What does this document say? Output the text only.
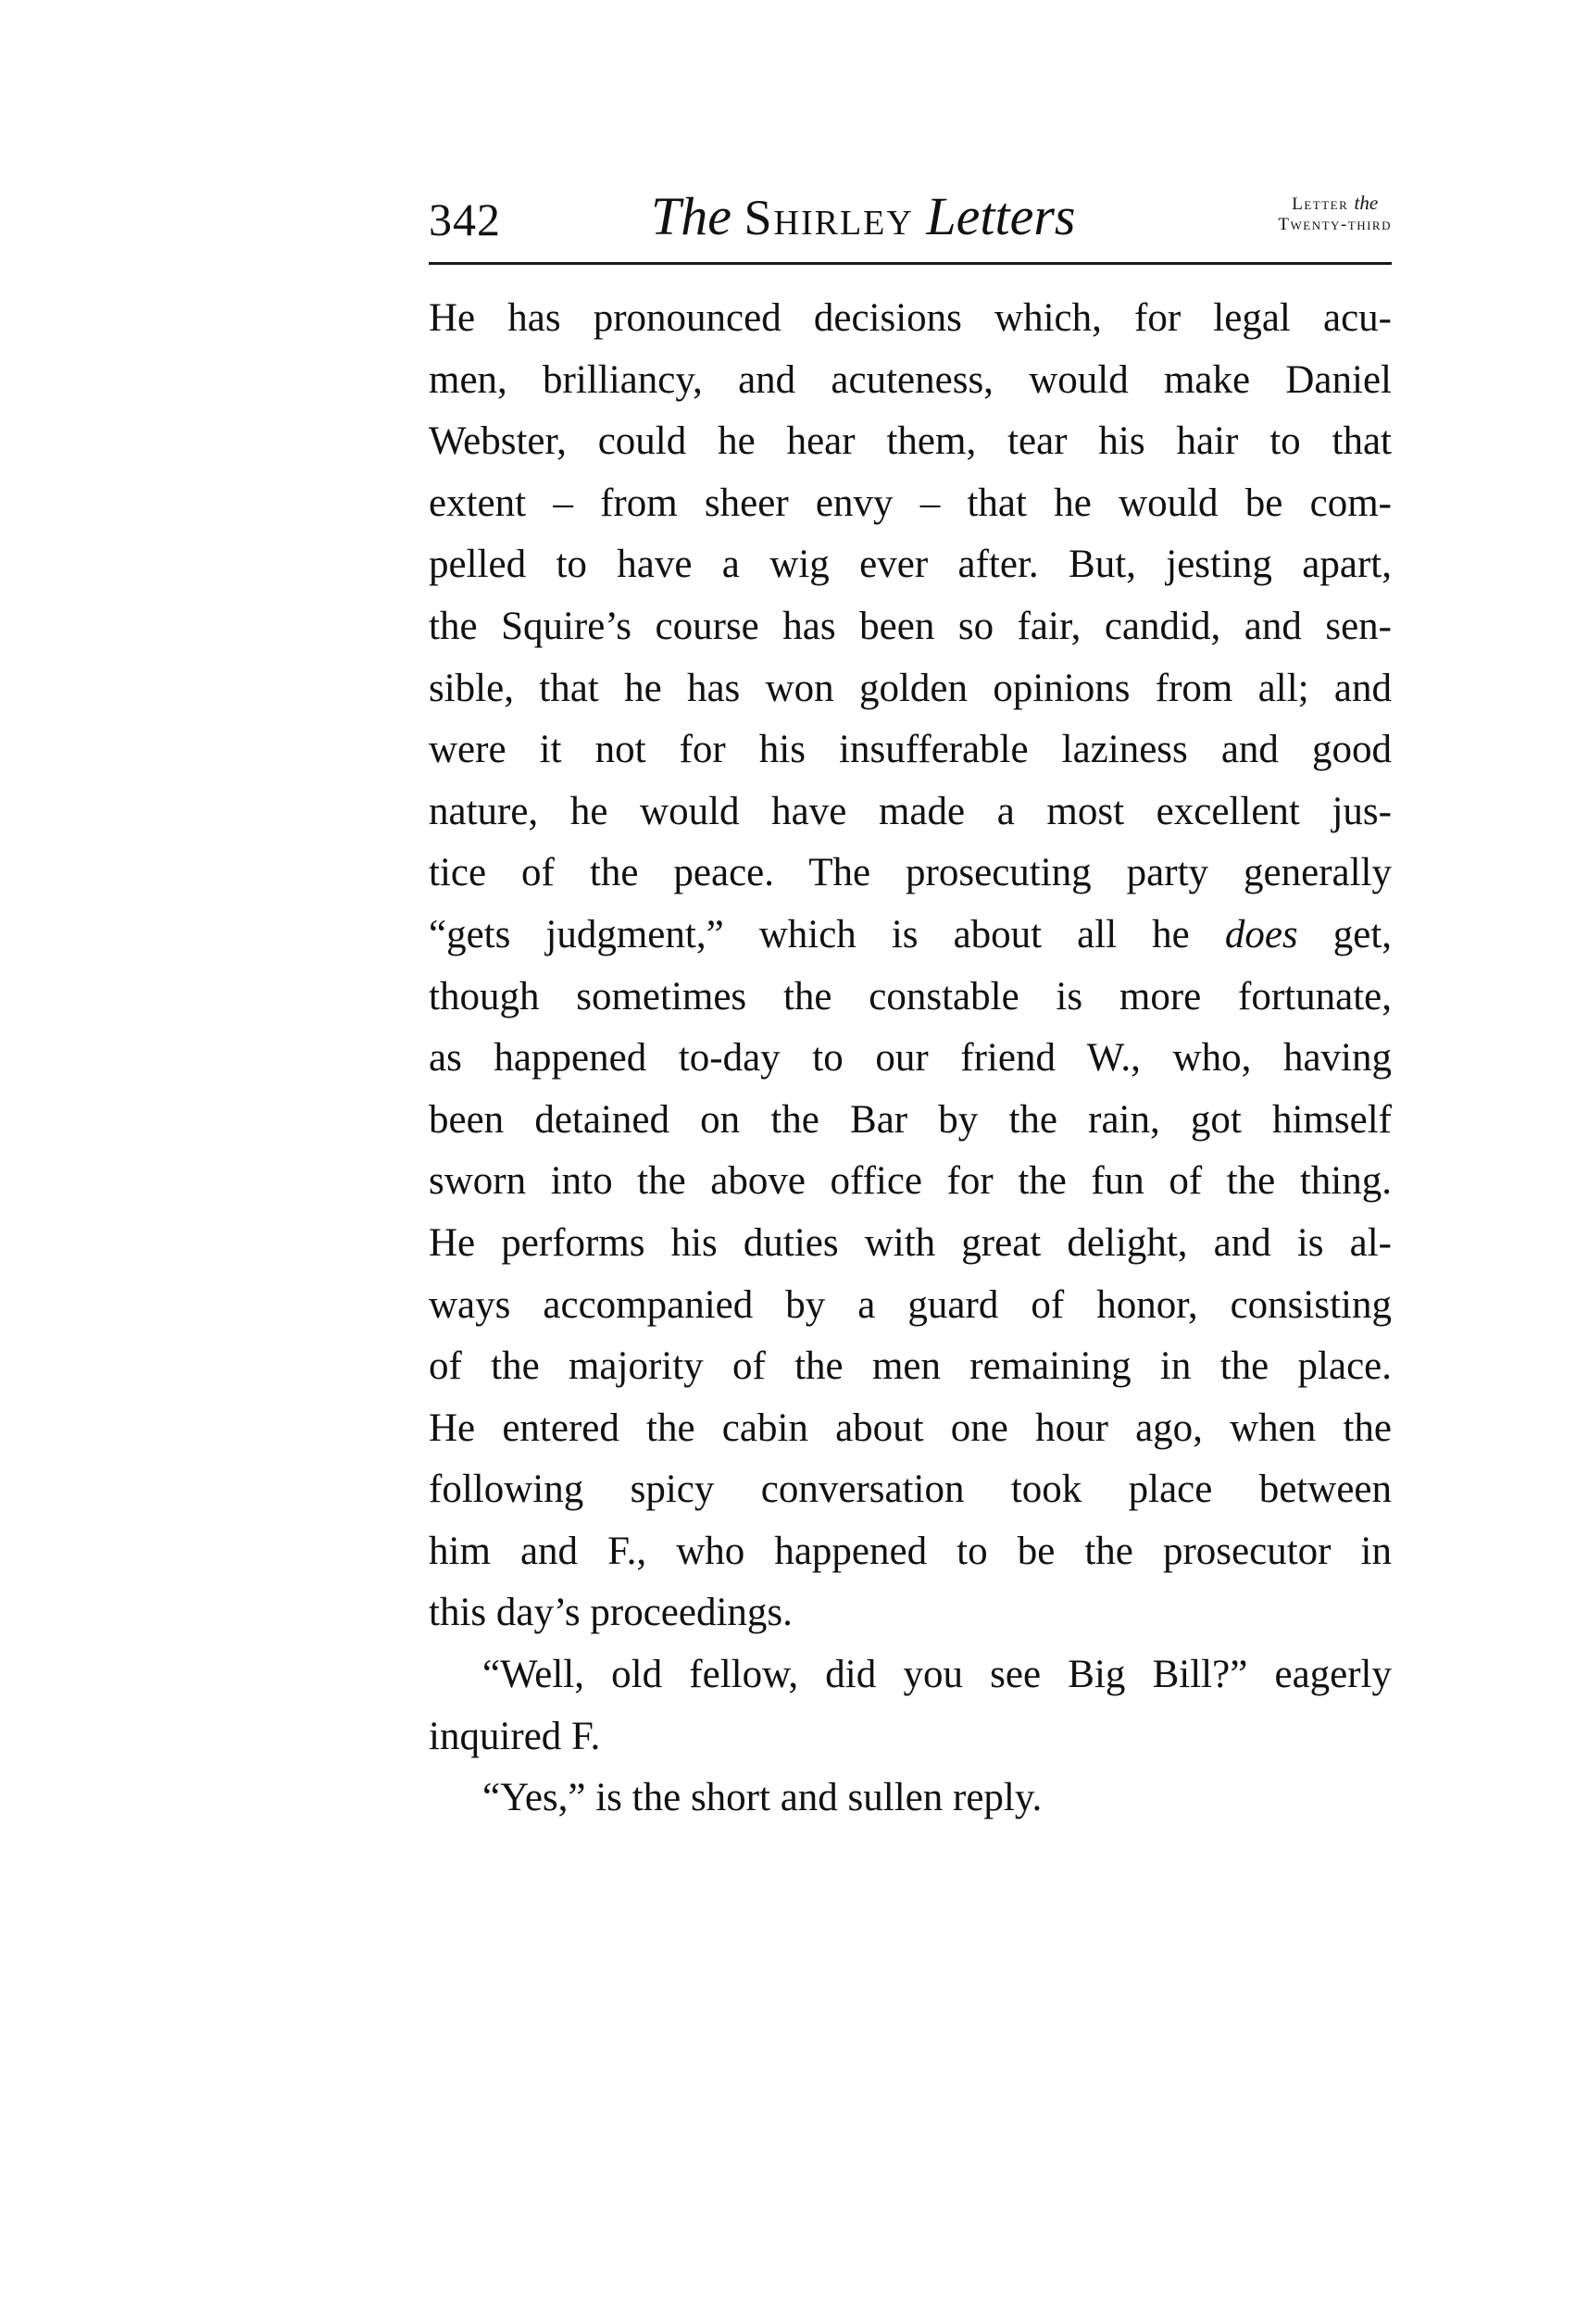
342	The Shirley Letters	Letter the
Twenty-third
He has pronounced decisions which, for legal acu-
men, brilliancy, and acuteness, would make Daniel
Webster, could he hear them, tear his hair to that
extent – from sheer envy – that he would be com-
pelled to have a wig ever after. But, jesting apart,
the Squire’s course has been so fair, candid, and sen-
sible, that he has won golden opinions from all; and
were it not for his insufferable laziness and good
nature, he would have made a most excellent jus-
tice of the peace. The prosecuting party generally
“gets judgment,” which is about all he does get,
though sometimes the constable is more fortunate,
as happened to-day to our friend W., who, having
been detained on the Bar by the rain, got himself
sworn into the above office for the fun of the thing.
He performs his duties with great delight, and is al-
ways accompanied by a guard of honor, consisting
of the majority of the men remaining in the place.
He entered the cabin about one hour ago, when the
following spicy conversation took place between
him and F., who happened to be the prosecutor in
this day’s proceedings.
“Well, old fellow, did you see Big Bill?” eagerly
inquired F.
“Yes,” is the short and sullen reply.
